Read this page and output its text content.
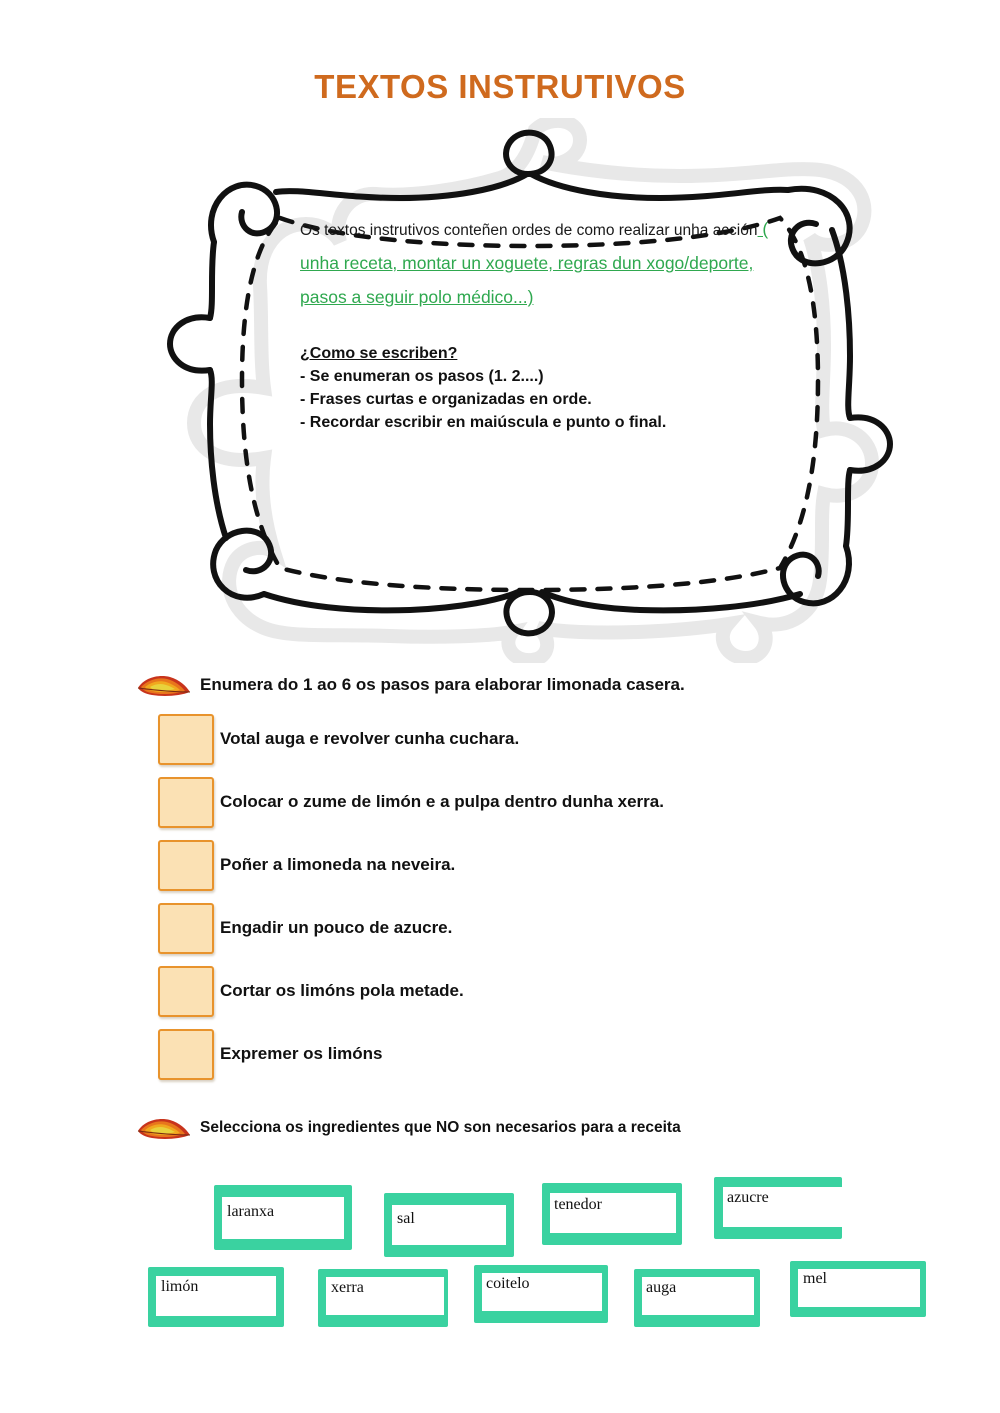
TEXTOS INSTRUTIVOS

Os textos instrutivos conteñen ordes de como realizar unha acción ( unha receta, montar un xoguete, regras dun xogo/deporte, pasos a seguir polo médico...)

¿Como se escriben?

- Se enumeran os pasos (1. 2....)

- Frases curtas e organizadas en orde.

- Recordar escribir en maiúscula e punto o final.

Enumera do 1 ao 6 os pasos para elaborar limonada casera.
Votal auga e revolver cunha cuchara.
Colocar o zume de limón e a pulpa dentro dunha xerra.
Poñer a limoneda na neveira.
Engadir un pouco de azucre.
Cortar os limóns pola metade.
Expremer os limóns
Selecciona os ingredientes que NO son necesarios para a receita
laranxa	sal
tenedor	azucre
limón	xerra	coitelo	auga
mel
